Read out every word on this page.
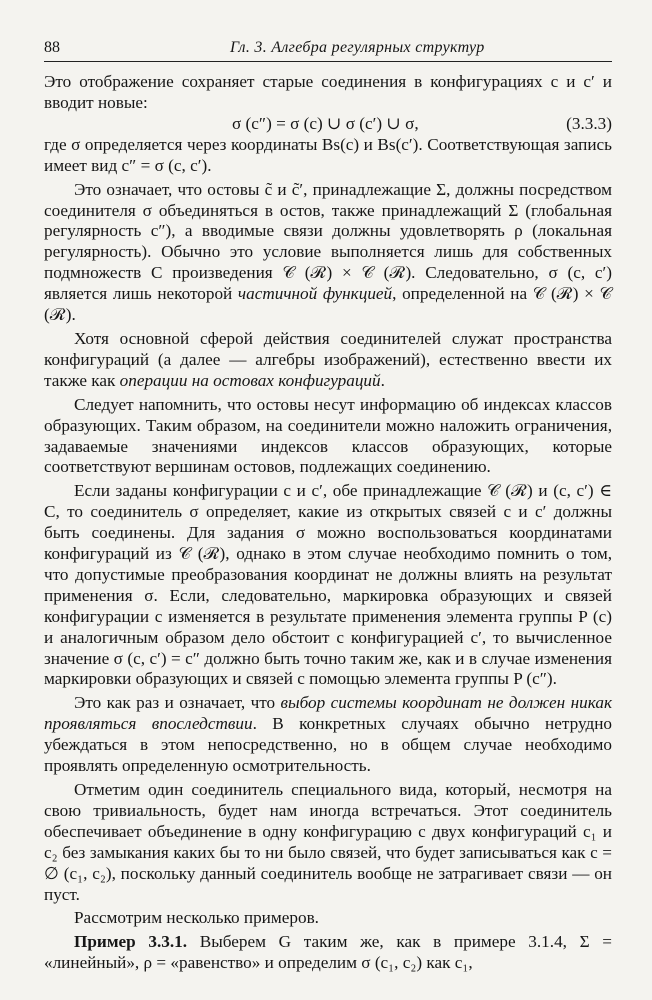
88	Гл. 3. Алгебра регулярных структур

Это отображение сохраняет старые соединения в конфигурациях c и c′ и вводит новые:

σ (c″) = σ (c) ∪ σ (c′) ∪ σ,	(3.3.3)

где σ определяется через координаты Bs(c) и Bs(c′). Соответствующая запись имеет вид c″ = σ (c, c′).

Это означает, что остовы c̃ и c̃′, принадлежащие Σ, должны посредством соединителя σ объединяться в остов, также принадлежащий Σ (глобальная регулярность c″), а вводимые связи должны удовлетворять ρ (локальная регулярность). Обычно это условие выполняется лишь для собственных подмножеств C произведения 𝒞 (ℛ) × 𝒞 (ℛ). Следовательно, σ (c, c′) является лишь некоторой частичной функцией, определенной на 𝒞 (ℛ) × 𝒞 (ℛ).

Хотя основной сферой действия соединителей служат пространства конфигураций (а далее — алгебры изображений), естественно ввести их также как операции на остовах конфигураций.

Следует напомнить, что остовы несут информацию об индексах классов образующих. Таким образом, на соединители можно наложить ограничения, задаваемые значениями индексов классов образующих, которые соответствуют вершинам остовов, подлежащих соединению.

Если заданы конфигурации c и c′, обе принадлежащие 𝒞 (ℛ) и (c, c′) ∈ C, то соединитель σ определяет, какие из открытых связей c и c′ должны быть соединены. Для задания σ можно воспользоваться координатами конфигураций из 𝒞 (ℛ), однако в этом случае необходимо помнить о том, что допустимые преобразования координат не должны влиять на результат применения σ. Если, следовательно, маркировка образующих и связей конфигурации c изменяется в результате применения элемента группы P (c) и аналогичным образом дело обстоит с конфигурацией c′, то вычисленное значение σ (c, c′) = c″ должно быть точно таким же, как и в случае изменения маркировки образующих и связей с помощью элемента группы P (c″).

Это как раз и означает, что выбор системы координат не должен никак проявляться впоследствии. В конкретных случаях обычно нетрудно убеждаться в этом непосредственно, но в общем случае необходимо проявлять определенную осмотрительность.

Отметим один соединитель специального вида, который, несмотря на свою тривиальность, будет нам иногда встречаться. Этот соединитель обеспечивает объединение в одну конфигурацию c двух конфигураций c₁ и c₂ без замыкания каких бы то ни было связей, что будет записываться как c = ∅ (c₁, c₂), поскольку данный соединитель вообще не затрагивает связи — он пуст.

Рассмотрим несколько примеров.

Пример 3.3.1. Выберем G таким же, как в примере 3.1.4, Σ = «линейный», ρ = «равенство» и определим σ (c₁, c₂) как c₁,
